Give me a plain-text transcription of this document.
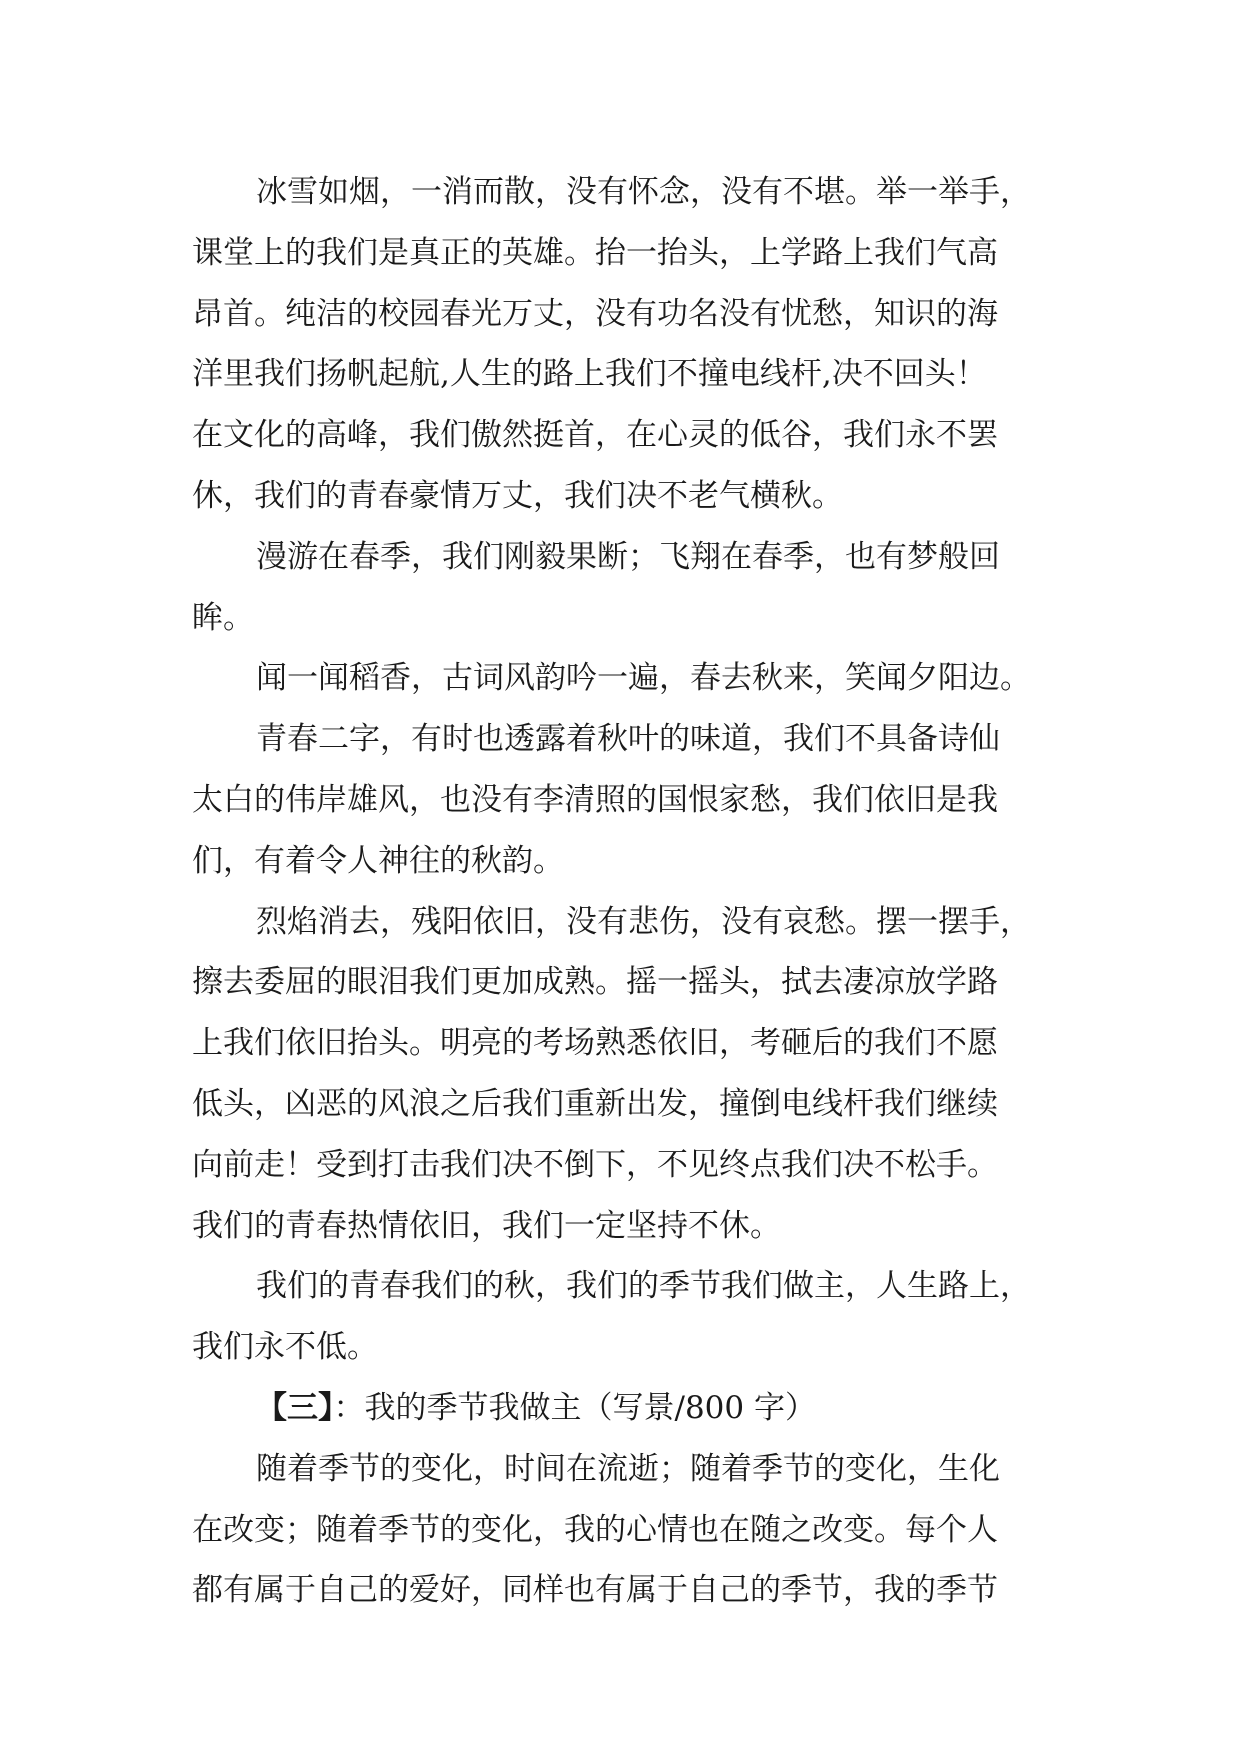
冰雪如烟，一消而散，没有怀念，没有不堪。举一举手，
课堂上的我们是真正的英雄。抬一抬头，上学路上我们气高
昂首。纯洁的校园春光万丈，没有功名没有忧愁，知识的海
洋里我们扬帆起航,人生的路上我们不撞电线杆,决不回头！
在文化的高峰，我们傲然挺首，在心灵的低谷，我们永不罢
休，我们的青春豪情万丈，我们决不老气横秋。
漫游在春季，我们刚毅果断；飞翔在春季，也有梦般回
眸。
闻一闻稻香，古词风韵吟一遍，春去秋来，笑闻夕阳边。
青春二字，有时也透露着秋叶的味道，我们不具备诗仙
太白的伟岸雄风，也没有李清照的国恨家愁，我们依旧是我
们，有着令人神往的秋韵。
烈焰消去，残阳依旧，没有悲伤，没有哀愁。摆一摆手，
擦去委屈的眼泪我们更加成熟。摇一摇头，拭去凄凉放学路
上我们依旧抬头。明亮的考场熟悉依旧，考砸后的我们不愿
低头，凶恶的风浪之后我们重新出发，撞倒电线杆我们继续
向前走！受到打击我们决不倒下，不见终点我们决不松手。
我们的青春热情依旧，我们一定坚持不休。
我们的青春我们的秋，我们的季节我们做主，人生路上，
我们永不低。
【三】：我的季节我做主（写景/800 字）
随着季节的变化，时间在流逝；随着季节的变化，生化
在改变；随着季节的变化，我的心情也在随之改变。每个人
都有属于自己的爱好，同样也有属于自己的季节，我的季节
